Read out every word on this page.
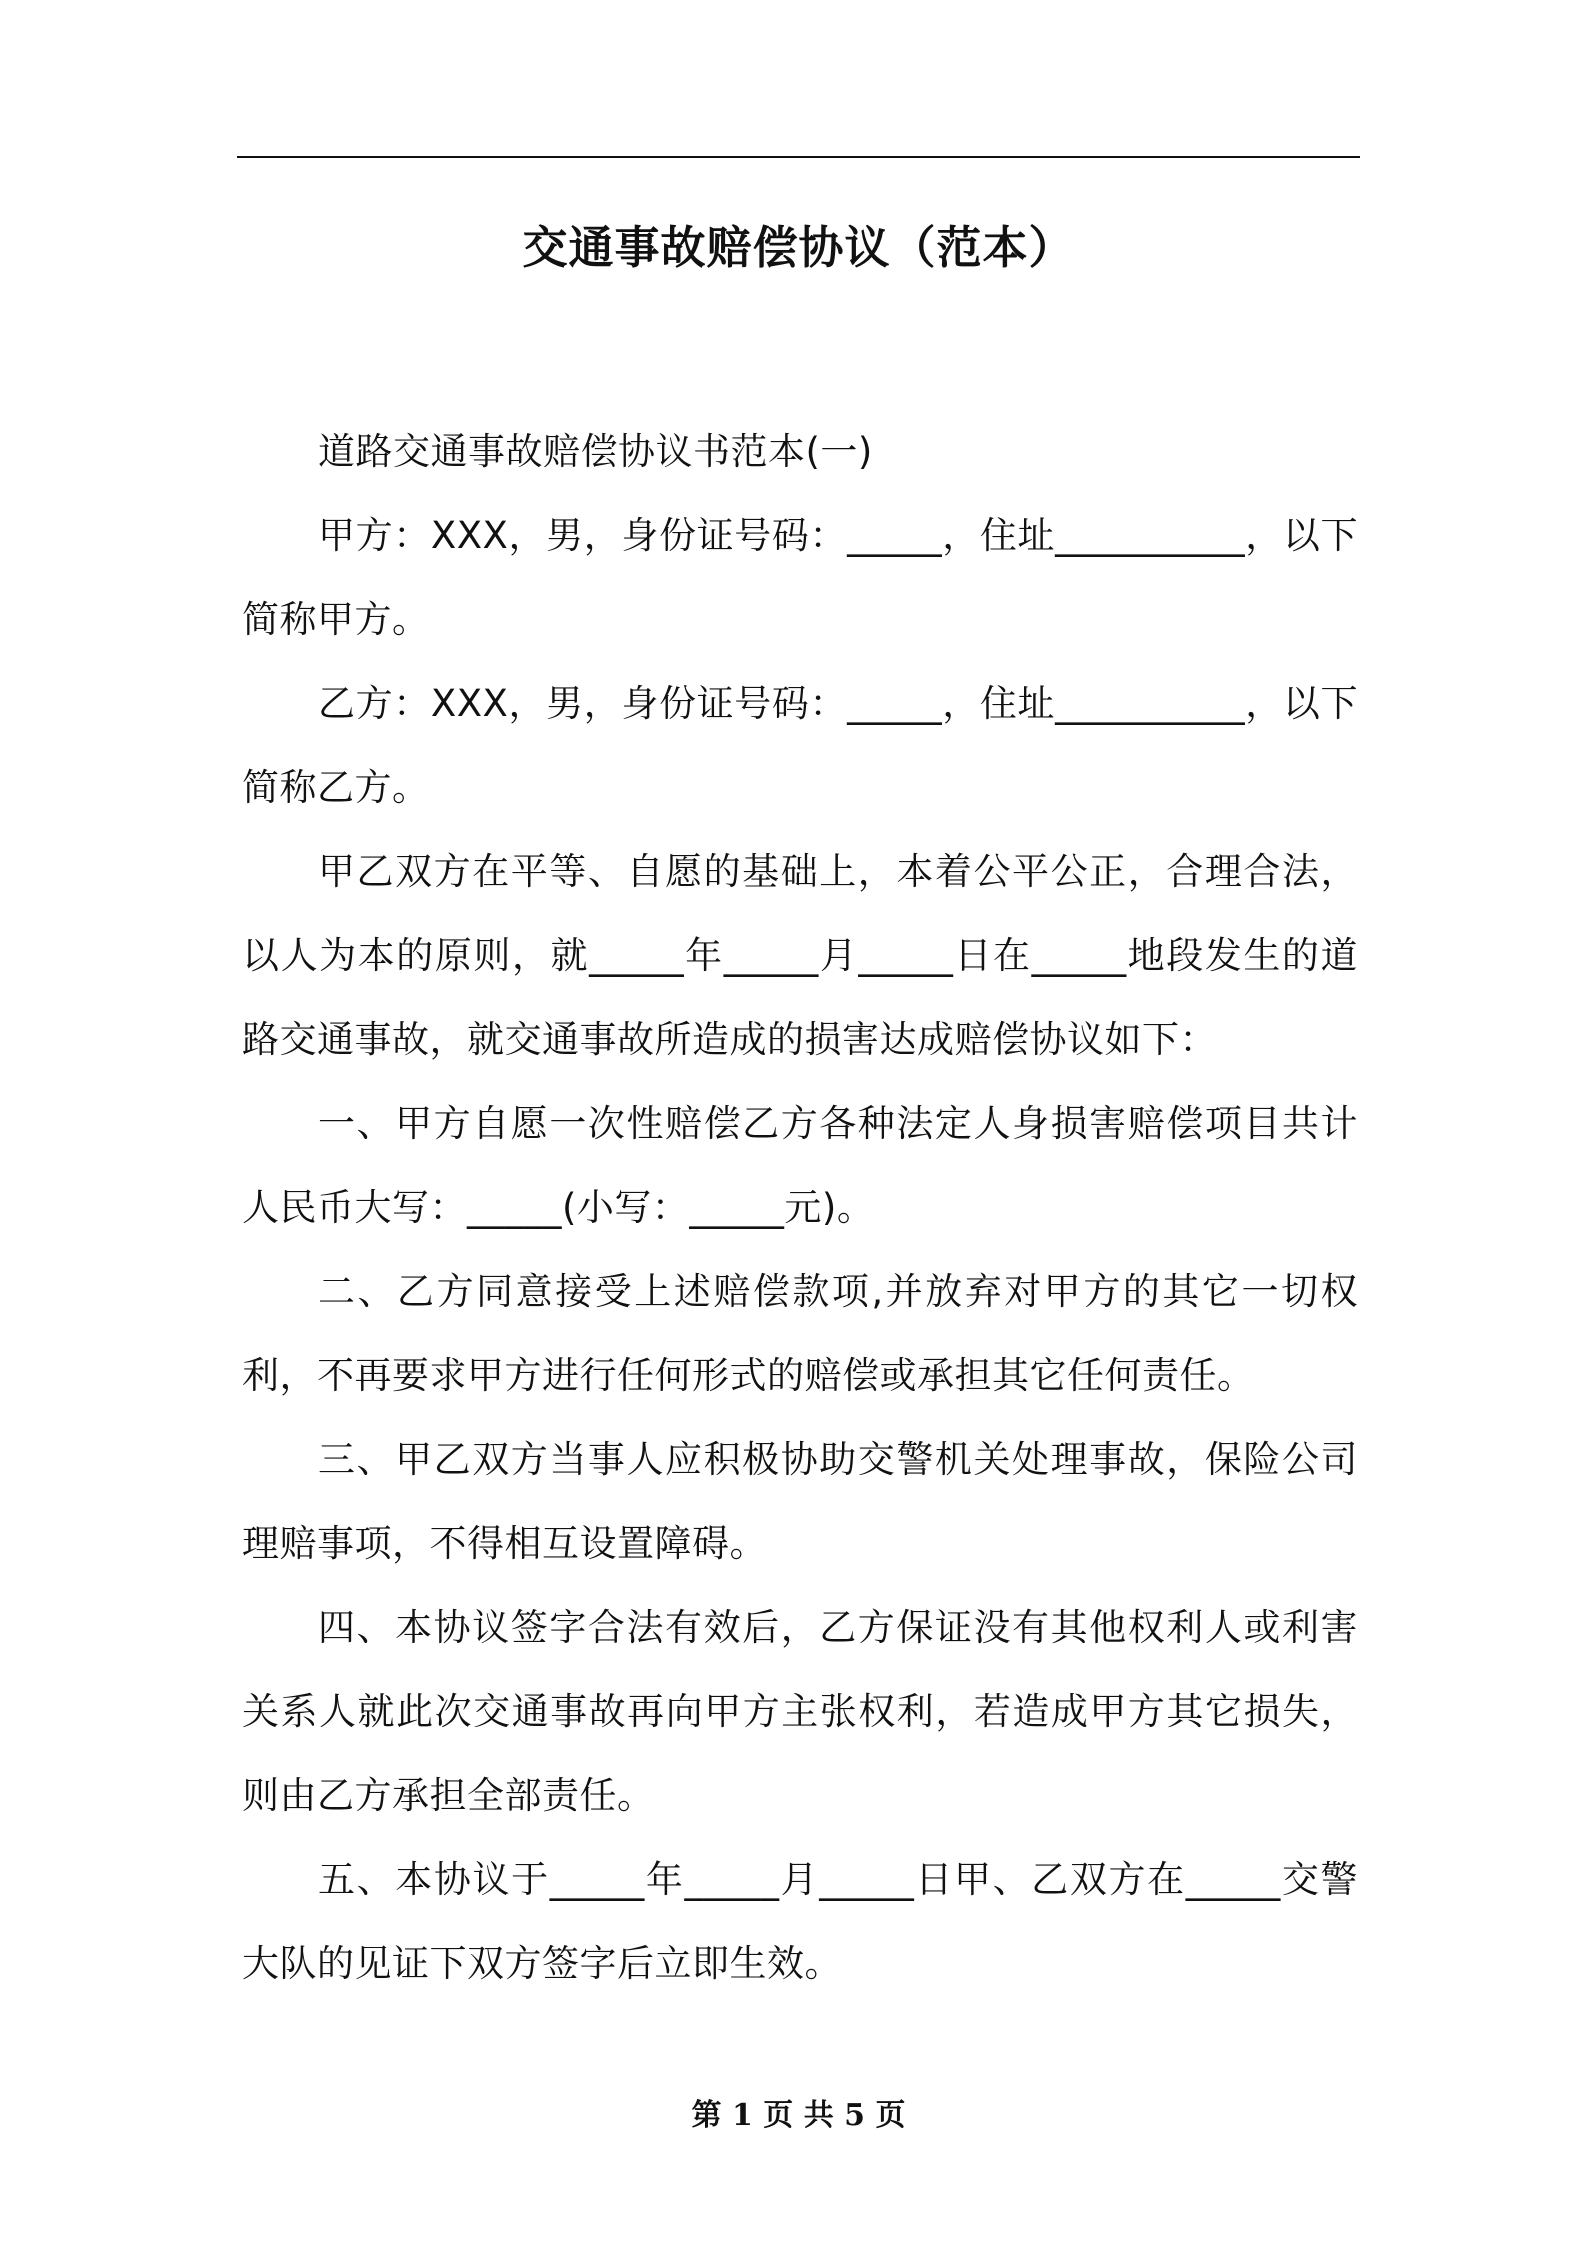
交通事故赔偿协议（范本）

道路交通事故赔偿协议书范本(一)

甲方：XXX，男，身份证号码：_____，住址__________，以下简称甲方。

乙方：XXX，男，身份证号码：_____，住址__________，以下简称乙方。

甲乙双方在平等、自愿的基础上，本着公平公正，合理合法，以人为本的原则，就_____年_____月_____日在_____地段发生的道路交通事故，就交通事故所造成的损害达成赔偿协议如下：

一、甲方自愿一次性赔偿乙方各种法定人身损害赔偿项目共计人民币大写：_____(小写：_____元)。

二、乙方同意接受上述赔偿款项,并放弃对甲方的其它一切权利，不再要求甲方进行任何形式的赔偿或承担其它任何责任。

三、甲乙双方当事人应积极协助交警机关处理事故，保险公司理赔事项，不得相互设置障碍。

四、本协议签字合法有效后，乙方保证没有其他权利人或利害关系人就此次交通事故再向甲方主张权利，若造成甲方其它损失，则由乙方承担全部责任。

五、本协议于_____年_____月_____日甲、乙双方在_____交警大队的见证下双方签字后立即生效。

第 1 页 共 5 页
